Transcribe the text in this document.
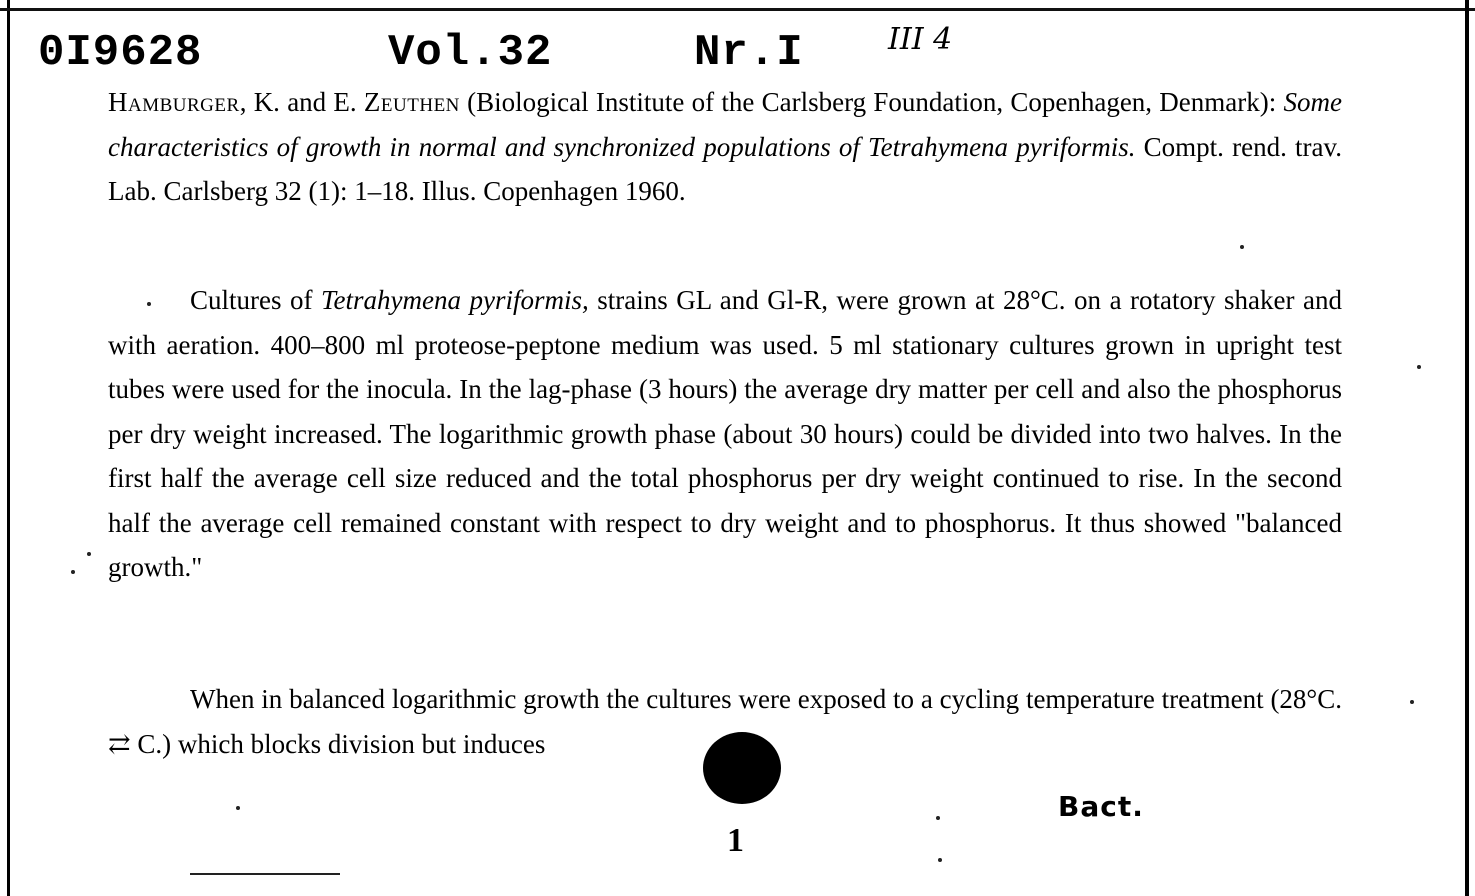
0I9628	Vol.32	Nr.I	III 4
Hamburger, K. and E. Zeuthen (Biological Institute of the Carlsberg Foundation, Copenhagen, Denmark): Some characteristics of growth in normal and synchronized populations of Tetrahymena pyriformis. Compt. rend. trav. Lab. Carlsberg 32 (1): 1–18. Illus. Copenhagen 1960.
Cultures of Tetrahymena pyriformis, strains GL and Gl-R, were grown at 28°C. on a rotatory shaker and with aeration. 400–800 ml proteose-peptone medium was used. 5 ml stationary cultures grown in upright test tubes were used for the inocula. In the lag-phase (3 hours) the average dry matter per cell and also the phosphorus per dry weight increased. The logarithmic growth phase (about 30 hours) could be divided into two halves. In the first half the average cell size reduced and the total phosphorus per dry weight continued to rise. In the second half the average cell remained constant with respect to dry weight and to phosphorus. It thus showed "balanced growth."
When in balanced logarithmic growth the cultures were exposed to a cycling temperature treatment (28°C. ⇄ C.) which blocks division but induces
Bact.
1
